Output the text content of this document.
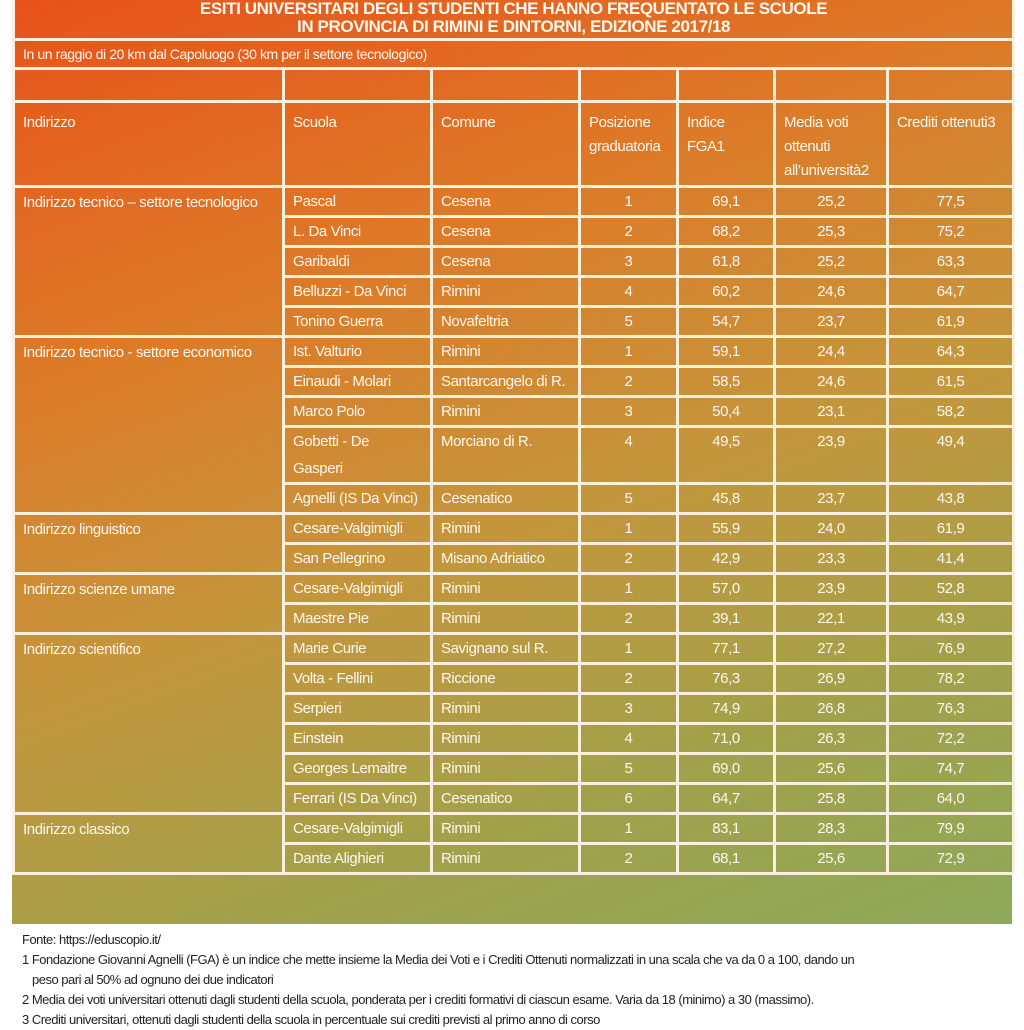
ESITI UNIVERSITARI DEGLI STUDENTI CHE HANNO FREQUENTATO LE SCUOLE
IN PROVINCIA DI RIMINI E DINTORNI, EDIZIONE 2017/18						

In un raggio di 20 km dal Capoluogo (30 km per il settore tecnologico)						

Indirizzo	Scuola	Comune	Posizione graduatoria	Indice FGA1	Media voti ottenuti all’università2	Crediti ottenuti3
Indirizzo tecnico – settore tecnologico	Pascal	Cesena	1	69,1	25,2	77,5
	L. Da Vinci	Cesena	2	68,2	25,3	75,2
	Garibaldi	Cesena	3	61,8	25,2	63,3
	Belluzzi - Da Vinci	Rimini	4	60,2	24,6	64,7
	Tonino Guerra	Novafeltria	5	54,7	23,7	61,9
Indirizzo tecnico - settore economico	Ist. Valturio	Rimini	1	59,1	24,4	64,3
	Einaudi - Molari	Santarcangelo di R.	2	58,5	24,6	61,5
	Marco Polo	Rimini	3	50,4	23,1	58,2
	Gobetti - De Gasperi	Morciano di R.	4	49,5	23,9	49,4
	Agnelli (IS Da Vinci)	Cesenatico	5	45,8	23,7	43,8
Indirizzo linguistico	Cesare-Valgimigli	Rimini	1	55,9	24,0	61,9
	San Pellegrino	Misano Adriatico	2	42,9	23,3	41,4
Indirizzo scienze umane	Cesare-Valgimigli	Rimini	1	57,0	23,9	52,8
	Maestre Pie	Rimini	2	39,1	22,1	43,9
Indirizzo scientifico	Marie Curie	Savignano sul R.	1	77,1	27,2	76,9
	Volta - Fellini	Riccione	2	76,3	26,9	78,2
	Serpieri	Rimini	3	74,9	26,8	76,3
	Einstein	Rimini	4	71,0	26,3	72,2
	Georges Lemaitre	Rimini	5	69,0	25,6	74,7
	Ferrari (IS Da Vinci)	Cesenatico	6	64,7	25,8	64,0
Indirizzo classico	Cesare-Valgimigli	Rimini	1	83,1	28,3	79,9
	Dante Alighieri	Rimini	2	68,1	25,6	72,9
Fonte: https://eduscopio.it/
1 Fondazione Giovanni Agnelli (FGA) è un indice che mette insieme la Media dei Voti e i Crediti Ottenuti normalizzati in una scala che va da 0 a 100, dando un
peso pari al 50% ad ognuno dei due indicatori
2 Media dei voti universitari ottenuti dagli studenti della scuola, ponderata per i crediti formativi di ciascun esame. Varia da 18 (minimo) a 30 (massimo).
3 Crediti universitari, ottenuti dagli studenti della scuola in percentuale sui crediti previsti al primo anno di corso
